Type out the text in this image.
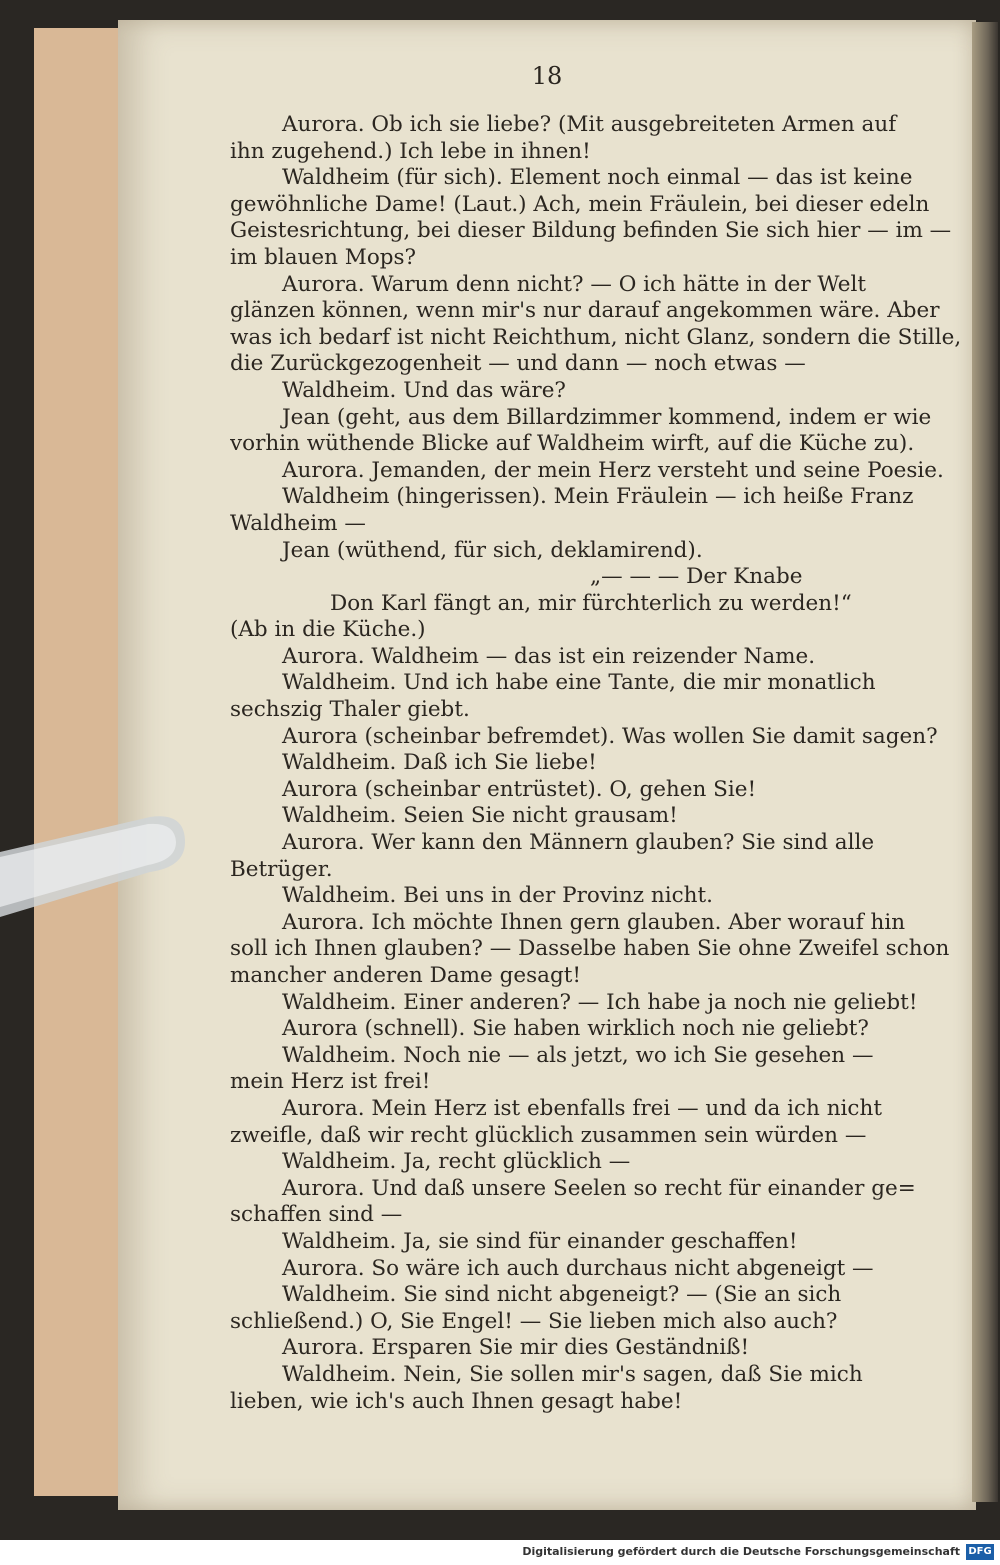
18
Aurora. Ob ich sie liebe? (Mit ausgebreiteten Armen auf
ihn zugehend.) Ich lebe in ihnen!
Waldheim (für sich). Element noch einmal — das ist keine
gewöhnliche Dame! (Laut.) Ach, mein Fräulein, bei dieser edeln
Geistesrichtung, bei dieser Bildung befinden Sie sich hier — im —
im blauen Mops?
Aurora. Warum denn nicht? — O ich hätte in der Welt
glänzen können, wenn mir's nur darauf angekommen wäre. Aber
was ich bedarf ist nicht Reichthum, nicht Glanz, sondern die Stille,
die Zurückgezogenheit — und dann — noch etwas —
Waldheim. Und das wäre?
Jean (geht, aus dem Billardzimmer kommend, indem er wie
vorhin wüthende Blicke auf Waldheim wirft, auf die Küche zu).
Aurora. Jemanden, der mein Herz versteht und seine Poesie.
Waldheim (hingerissen). Mein Fräulein — ich heiße Franz
Waldheim —
Jean (wüthend, für sich, deklamirend).
„— — — Der Knabe
Don Karl fängt an, mir fürchterlich zu werden!“
(Ab in die Küche.)
Aurora. Waldheim — das ist ein reizender Name.
Waldheim. Und ich habe eine Tante, die mir monatlich
sechszig Thaler giebt.
Aurora (scheinbar befremdet). Was wollen Sie damit sagen?
Waldheim. Daß ich Sie liebe!
Aurora (scheinbar entrüstet). O, gehen Sie!
Waldheim. Seien Sie nicht grausam!
Aurora. Wer kann den Männern glauben? Sie sind alle
Betrüger.
Waldheim. Bei uns in der Provinz nicht.
Aurora. Ich möchte Ihnen gern glauben. Aber worauf hin
soll ich Ihnen glauben? — Dasselbe haben Sie ohne Zweifel schon
mancher anderen Dame gesagt!
Waldheim. Einer anderen? — Ich habe ja noch nie geliebt!
Aurora (schnell). Sie haben wirklich noch nie geliebt?
Waldheim. Noch nie — als jetzt, wo ich Sie gesehen —
mein Herz ist frei!
Aurora. Mein Herz ist ebenfalls frei — und da ich nicht
zweifle, daß wir recht glücklich zusammen sein würden —
Waldheim. Ja, recht glücklich —
Aurora. Und daß unsere Seelen so recht für einander ge=
schaffen sind —
Waldheim. Ja, sie sind für einander geschaffen!
Aurora. So wäre ich auch durchaus nicht abgeneigt —
Waldheim. Sie sind nicht abgeneigt? — (Sie an sich
schließend.) O, Sie Engel! — Sie lieben mich also auch?
Aurora. Ersparen Sie mir dies Geständniß!
Waldheim. Nein, Sie sollen mir's sagen, daß Sie mich
lieben, wie ich's auch Ihnen gesagt habe!
Digitalisierung gefördert durch die Deutsche Forschungsgemeinschaft DFG
